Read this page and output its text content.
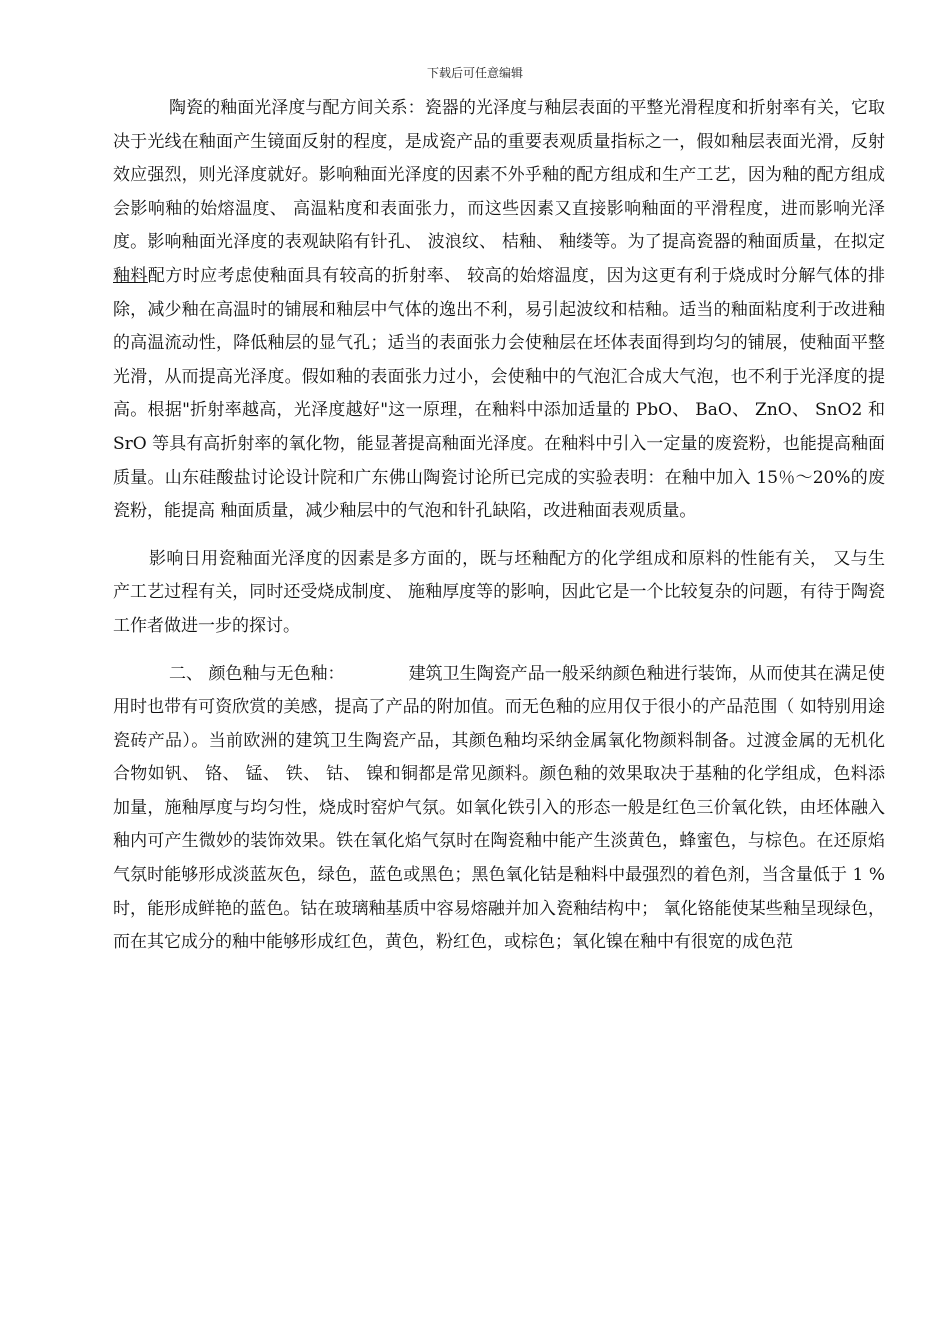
下载后可任意编辑

陶瓷的釉面光泽度与配方间关系：瓷器的光泽度与釉层表面的平整光滑程度和折射率有关，它取决于光线在釉面产生镜面反射的程度，是成瓷产品的重要表观质量指标之一，假如釉层表面光滑，反射效应强烈，则光泽度就好。影响釉面光泽度的因素不外乎釉的配方组成和生产工艺，因为釉的配方组成会影响釉的始熔温度、 高温粘度和表面张力，而这些因素又直接影响釉面的平滑程度，进而影响光泽度。影响釉面光泽度的表观缺陷有针孔、 波浪纹、 桔釉、 釉缕等。为了提高瓷器的釉面质量，在拟定釉料配方时应考虑使釉面具有较高的折射率、 较高的始熔温度，因为这更有利于烧成时分解气体的排除，减少釉在高温时的铺展和釉层中气体的逸出不利，易引起波纹和桔釉。适当的釉面粘度利于改进釉的高温流动性，降低釉层的显气孔；适当的表面张力会使釉层在坯体表面得到均匀的铺展，使釉面平整光滑，从而提高光泽度。假如釉的表面张力过小，会使釉中的气泡汇合成大气泡，也不利于光泽度的提高。根据"折射率越高，光泽度越好"这一原理，在釉料中添加适量的 PbO、 BaO、 ZnO、 SnO2 和 SrO 等具有高折射率的氧化物，能显著提高釉面光泽度。在釉料中引入一定量的废瓷粉，也能提高釉面质量。山东硅酸盐讨论设计院和广东佛山陶瓷讨论所已完成的实验表明：在釉中加入 15％～20%的废瓷粉，能提高 釉面质量，减少釉层中的气泡和针孔缺陷，改进釉面表观质量。

影响日用瓷釉面光泽度的因素是多方面的，既与坯釉配方的化学组成和原料的性能有关， 又与生产工艺过程有关，同时还受烧成制度、 施釉厚度等的影响，因此它是一个比较复杂的问题，有待于陶瓷工作者做进一步的探讨。

二、 颜色釉与无色釉：	建筑卫生陶瓷产品一般采纳颜色釉进行装饰，从而使其在满足使用时也带有可资欣赏的美感，提高了产品的附加值。而无色釉的应用仅于很小的产品范围（ 如特别用途瓷砖产品）。当前欧洲的建筑卫生陶瓷产品，其颜色釉均采纳金属氧化物颜料制备。过渡金属的无机化合物如钒、 铬、 锰、 铁、 钴、 镍和铜都是常见颜料。颜色釉的效果取决于基釉的化学组成，色料添加量，施釉厚度与均匀性，烧成时窑炉气氛。如氧化铁引入的形态一般是红色三价氧化铁，由坯体融入釉内可产生微妙的装饰效果。铁在氧化焰气氛时在陶瓷釉中能产生淡黄色，蜂蜜色，与棕色。在还原焰气氛时能够形成淡蓝灰色，绿色，蓝色或黑色；黑色氧化钴是釉料中最强烈的着色剂，当含量低于 1 %时，能形成鲜艳的蓝色。钴在玻璃釉基质中容易熔融并加入瓷釉结构中； 氧化铬能使某些釉呈现绿色，而在其它成分的釉中能够形成红色，黄色，粉红色，或棕色；氧化镍在釉中有很宽的成色范
